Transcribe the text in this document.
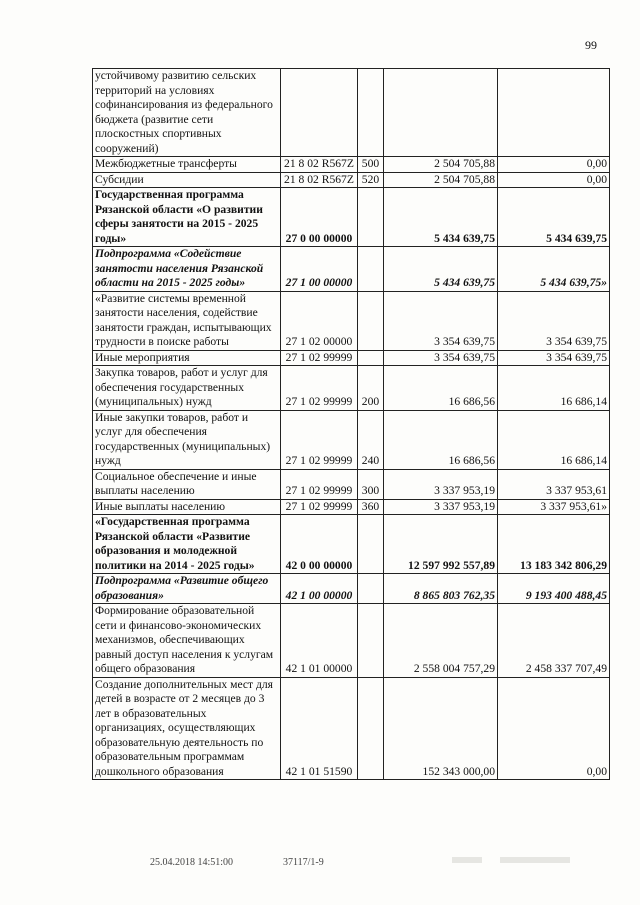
99
устойчивому развитию сельских территорий на условиях софинансирования из федерального бюджета (развитие сети плоскостных спортивных сооружений)				
Межбюджетные трансферты	21 8 02 R567Z	500	2 504 705,88	0,00
Субсидии	21 8 02 R567Z	520	2 504 705,88	0,00
Государственная программа Рязанской области «О развитии сферы занятости на 2015 - 2025 годы»	27 0 00 00000		5 434 639,75	5 434 639,75
Подпрограмма «Содействие занятости населения Рязанской области на 2015 - 2025 годы»	27 1 00 00000		5 434 639,75	5 434 639,75»
«Развитие системы временной занятости населения, содействие занятости граждан, испытывающих трудности в поиске работы	27 1 02 00000		3 354 639,75	3 354 639,75
Иные мероприятия	27 1 02 99999		3 354 639,75	3 354 639,75
Закупка товаров, работ и услуг для обеспечения государственных (муниципальных) нужд	27 1 02 99999	200	16 686,56	16 686,14
Иные закупки товаров, работ и услуг для обеспечения государственных (муниципальных) нужд	27 1 02 99999	240	16 686,56	16 686,14
Социальное обеспечение и иные выплаты населению	27 1 02 99999	300	3 337 953,19	3 337 953,61
Иные выплаты населению	27 1 02 99999	360	3 337 953,19	3 337 953,61»
«Государственная программа Рязанской области «Развитие образования и молодежной политики на 2014 - 2025 годы»	42 0 00 00000		12 597 992 557,89	13 183 342 806,29
Подпрограмма «Развитие общего образования»	42 1 00 00000		8 865 803 762,35	9 193 400 488,45
Формирование образовательной сети и финансово-экономических механизмов, обеспечивающих равный доступ населения к услугам общего образования	42 1 01 00000		2 558 004 757,29	2 458 337 707,49
Создание дополнительных мест для детей в возрасте от 2 месяцев до 3 лет в образовательных организациях, осуществляющих образовательную деятельность по образовательным программам дошкольного образования	42 1 01 51590		152 343 000,00	0,00
25.04.2018 14:51:00	37117/1-9
